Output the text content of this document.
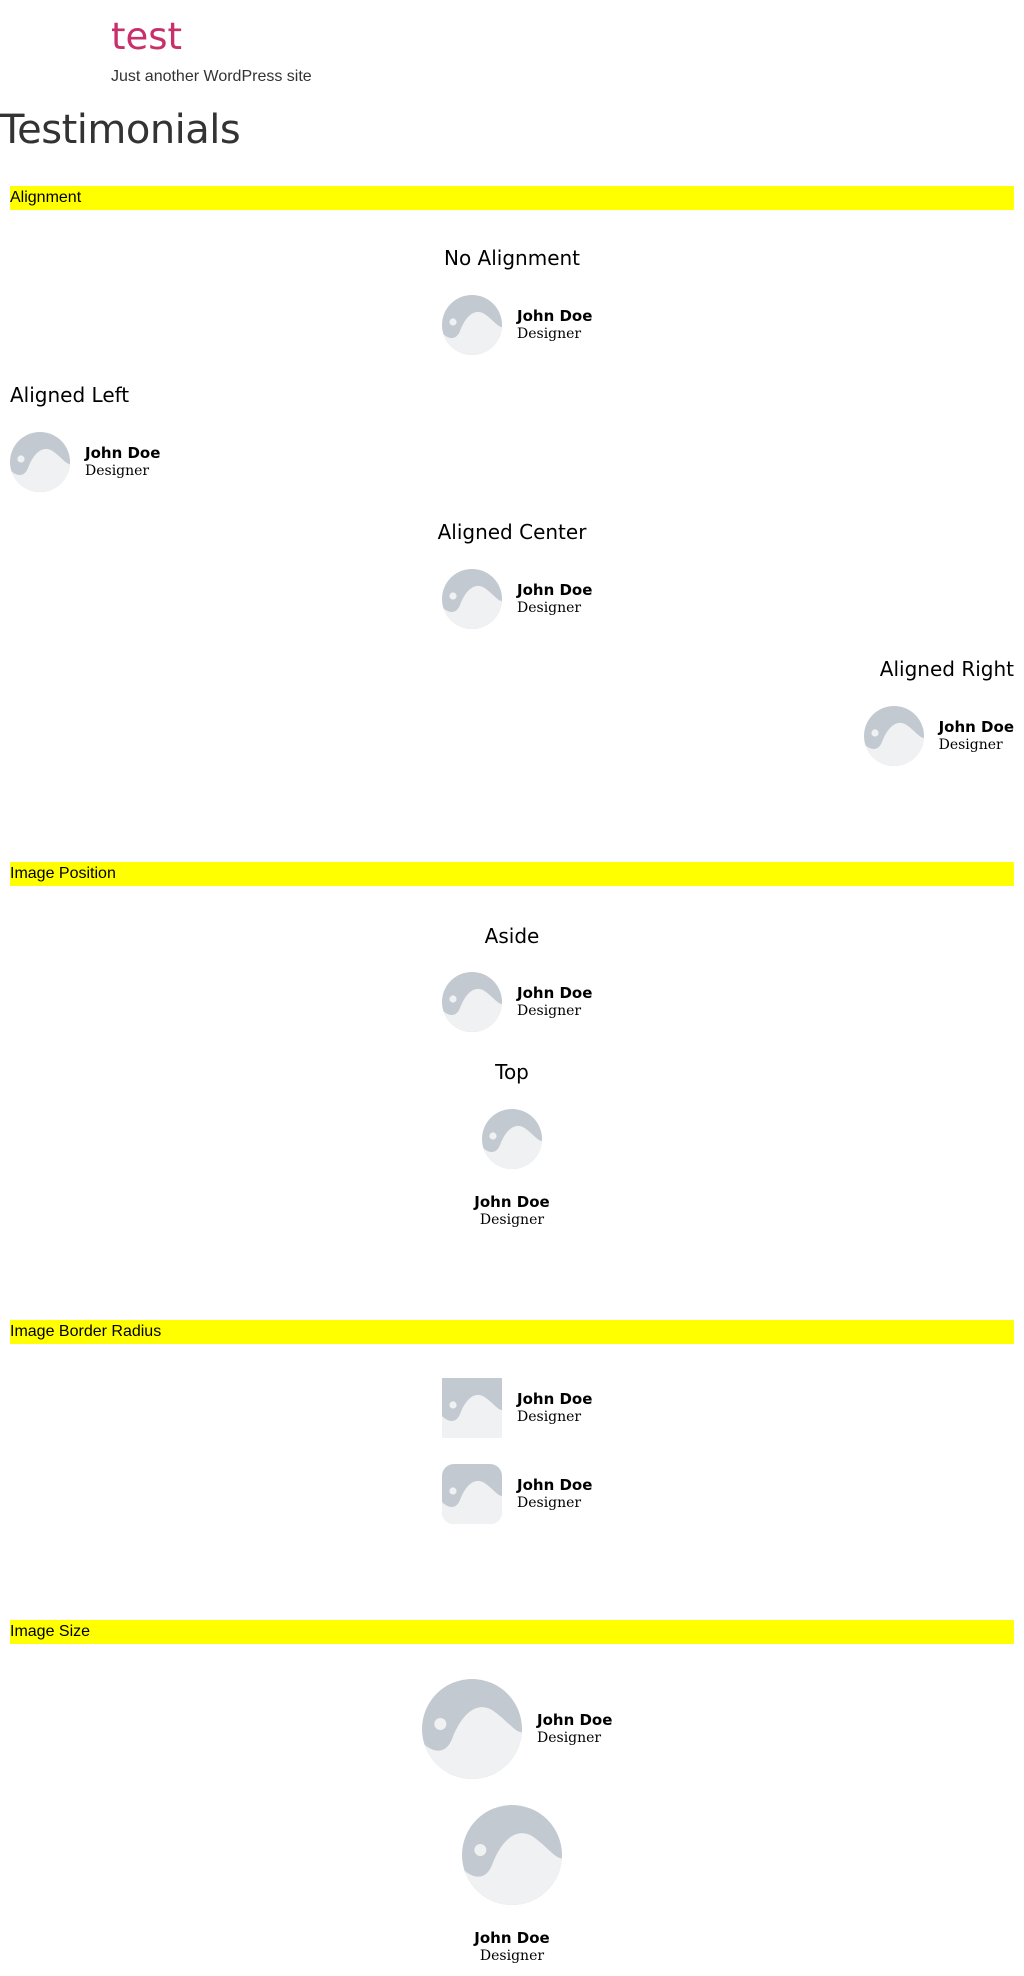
test
Just another WordPress site
Testimonials
Alignment
No Alignment
John Doe
Designer
Aligned Left
John Doe
Designer
Aligned Center
John Doe
Designer
Aligned Right
John Doe
Designer
Image Position
Aside
John Doe
Designer
Top
John Doe
Designer
Image Border Radius
John Doe
Designer
John Doe
Designer
Image Size
John Doe
Designer
John Doe
Designer
